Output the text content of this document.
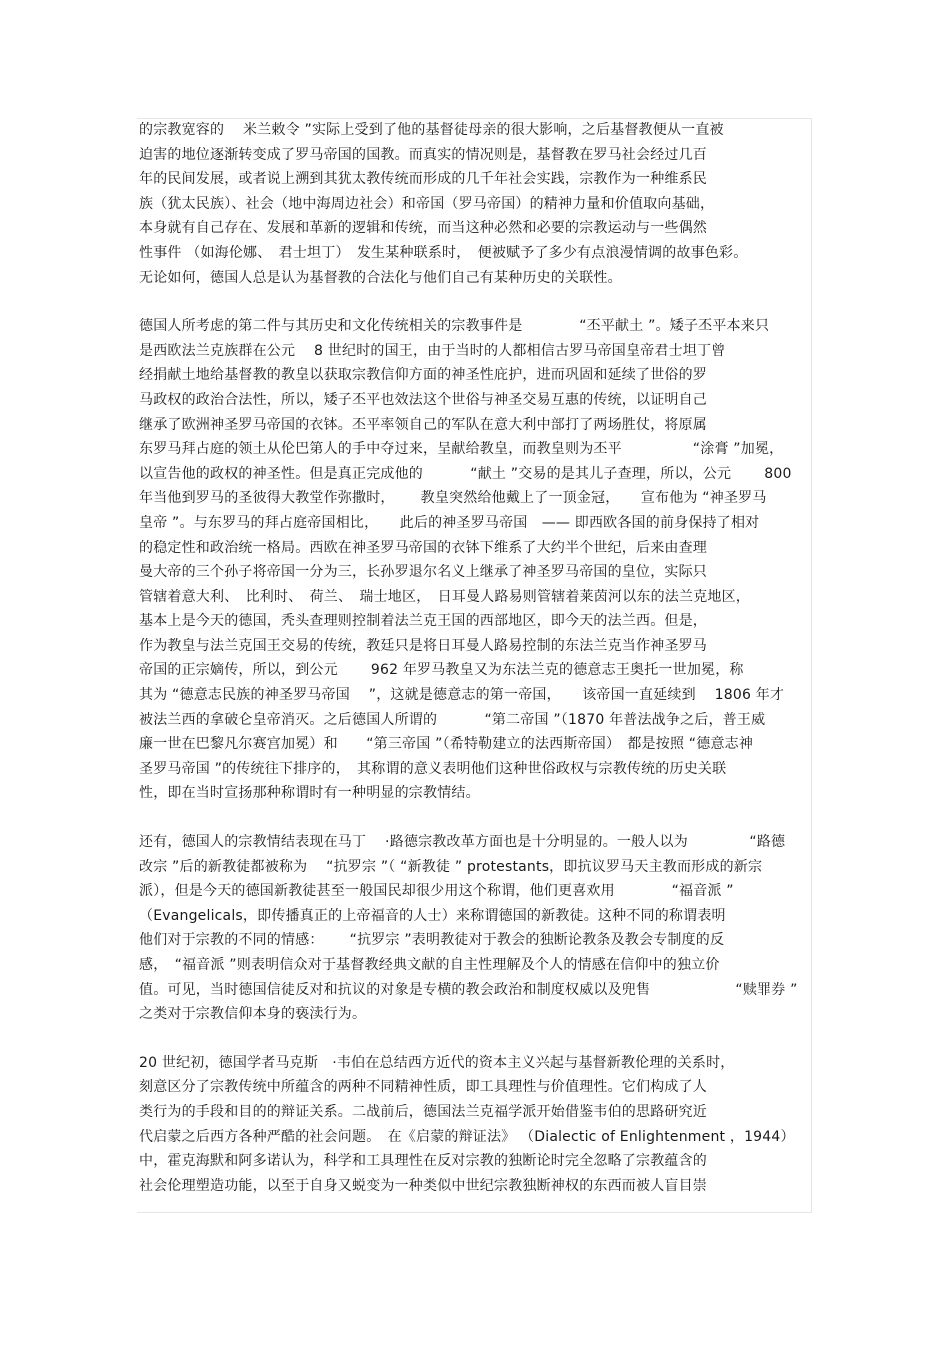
的宗教宽容的　 米兰敕令 ”实际上受到了他的基督徒母亲的很大影响，之后基督教便从一直被
迫害的地位逐渐转变成了罗马帝国的国教。而真实的情况则是，基督教在罗马社会经过几百
年的民间发展，或者说上溯到其犹太教传统而形成的几千年社会实践，宗教作为一种维系民
族（犹太民族）、社会（地中海周边社会）和帝国（罗马帝国）的精神力量和价值取向基础，
本身就有自己存在、发展和革新的逻辑和传统，而当这种必然和必要的宗教运动与一些偶然
性事件 （如海伦娜、　君士坦丁）　发生某种联系时，　便被赋予了多少有点浪漫情调的故事色彩。
无论如何，德国人总是认为基督教的合法化与他们自己有某种历史的关联性。
德国人所考虑的第二件与其历史和文化传统相关的宗教事件是　　　　“丕平献土 ”。矮子丕平本来只
是西欧法兰克族群在公元　 8 世纪时的国王，由于当时的人都相信古罗马帝国皇帝君士坦丁曾
经捐献土地给基督教的教皇以获取宗教信仰方面的神圣性庇护，进而巩固和延续了世俗的罗
马政权的政治合法性，所以，矮子丕平也效法这个世俗与神圣交易互惠的传统，以证明自己
继承了欧洲神圣罗马帝国的衣钵。丕平率领自己的军队在意大利中部打了两场胜仗，将原属
东罗马拜占庭的领土从伦巴第人的手中夺过来，呈献给教皇，而教皇则为丕平　　　　　“涂膏 ”加冕，
以宣告他的政权的神圣性。但是真正完成他的　　　 “献土 ”交易的是其儿子查理，所以，公元　　 800
年当他到罗马的圣彼得大教堂作弥撒时，　　 教皇突然给他戴上了一顶金冠，　　宣布他为 “神圣罗马
皇帝 ”。与东罗马的拜占庭帝国相比，　　此后的神圣罗马帝国　—— 即西欧各国的前身保持了相对
的稳定性和政治统一格局。西欧在神圣罗马帝国的衣钵下维系了大约半个世纪，后来由查理
曼大帝的三个孙子将帝国一分为三，长孙罗退尔名义上继承了神圣罗马帝国的皇位，实际只
管辖着意大利、　比利时、　荷兰、　瑞士地区，　日耳曼人路易则管辖着莱茵河以东的法兰克地区，
基本上是今天的德国，秃头查理则控制着法兰克王国的西部地区，即今天的法兰西。但是，
作为教皇与法兰克国王交易的传统，教廷只是将日耳曼人路易控制的东法兰克当作神圣罗马
帝国的正宗嫡传，所以，到公元　　 962 年罗马教皇又为东法兰克的德意志王奥托一世加冕，称
其为 “德意志民族的神圣罗马帝国　 ”，这就是德意志的第一帝国，　　该帝国一直延续到　 1806 年才
被法兰西的拿破仑皇帝消灭。之后德国人所谓的　　　 “第二帝国 ”（1870 年普法战争之后，普王威
廉一世在巴黎凡尔赛宫加冕）和　　“第三帝国 ”（希特勒建立的法西斯帝国）　都是按照 “德意志神
圣罗马帝国 ”的传统往下排序的，　其称谓的意义表明他们这种世俗政权与宗教传统的历史关联
性，即在当时宣扬那种称谓时有一种明显的宗教情结。
还有，德国人的宗教情结表现在马丁　 ·路德宗教改革方面也是十分明显的。一般人以为　　　　 “路德
改宗 ”后的新教徒都被称为　 “抗罗宗 ”（ “新教徒 ” protestants，即抗议罗马天主教而形成的新宗
派），但是今天的德国新教徒甚至一般国民却很少用这个称谓，他们更喜欢用　　　　“福音派 ”
（Evangelicals，即传播真正的上帝福音的人士）来称谓德国的新教徒。这种不同的称谓表明
他们对于宗教的不同的情感：　　 “抗罗宗 ”表明教徒对于教会的独断论教条及教会专制度的反
感，　“福音派 ”则表明信众对于基督教经典文献的自主性理解及个人的情感在信仰中的独立价
值。可见，当时德国信徒反对和抗议的对象是专横的教会政治和制度权威以及兜售　　　　　　“赎罪券 ”
之类对于宗教信仰本身的亵渎行为。
20 世纪初，德国学者马克斯　·韦伯在总结西方近代的资本主义兴起与基督新教伦理的关系时，
刻意区分了宗教传统中所蕴含的两种不同精神性质，即工具理性与价值理性。它们构成了人
类行为的手段和目的的辩证关系。二战前后，德国法兰克福学派开始借鉴韦伯的思路研究近
代启蒙之后西方各种严酷的社会问题。　在《启蒙的辩证法》 （Dialectic of Enlightenment ，1944）
中，霍克海默和阿多诺认为，科学和工具理性在反对宗教的独断论时完全忽略了宗教蕴含的
社会伦理塑造功能，以至于自身又蜕变为一种类似中世纪宗教独断神权的东西而被人盲目崇
